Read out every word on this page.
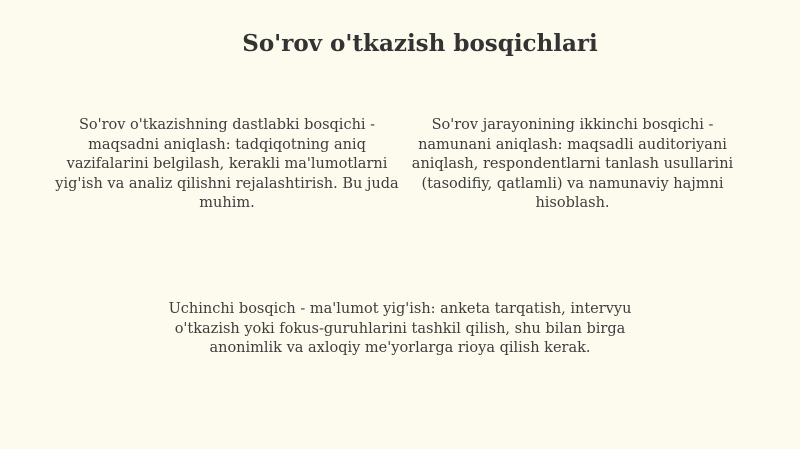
So'rov o'tkazish bosqichlari

So'rov o'tkazishning dastlabki bosqichi - maqsadni aniqlash: tadqiqotning aniq vazifalarini belgilash, kerakli ma'lumotlarni yig'ish va analiz qilishni rejalashtirish. Bu juda muhim.

So'rov jarayonining ikkinchi bosqichi - namunani aniqlash: maqsadli auditoriyani aniqlash, respondentlarni tanlash usullarini (tasodifiy, qatlamli) va namunaviy hajmni hisoblash.

Uchinchi bosqich - ma'lumot yig'ish: anketa tarqatish, intervyu o'tkazish yoki fokus-guruhlarini tashkil qilish, shu bilan birga anonimlik va axloqiy me'yorlarga rioya qilish kerak.
